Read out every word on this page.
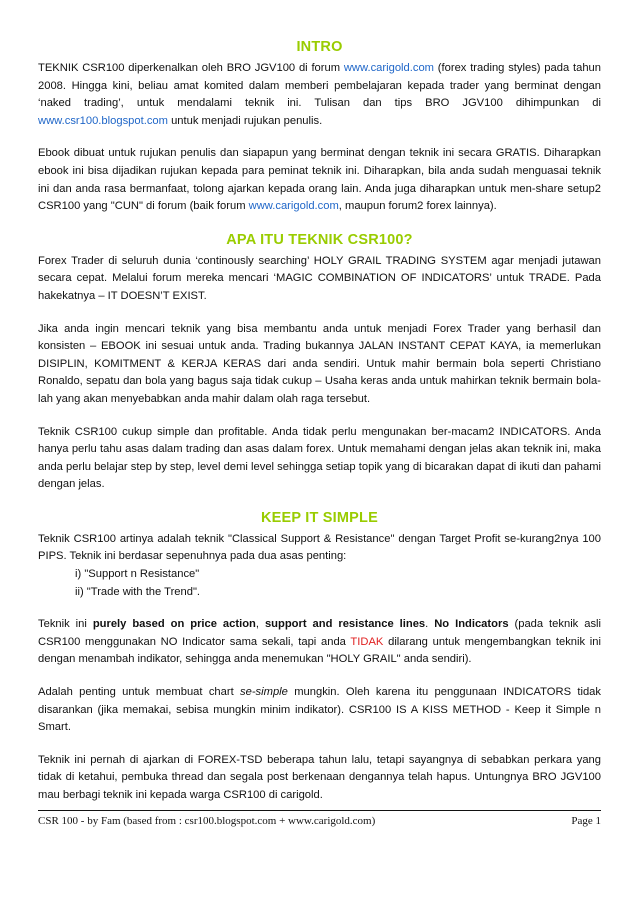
INTRO

TEKNIK CSR100 diperkenalkan oleh BRO JGV100 di forum www.carigold.com (forex trading styles) pada tahun 2008. Hingga kini, beliau amat komited dalam memberi pembelajaran kepada trader yang berminat dengan ‘naked trading’, untuk mendalami teknik ini. Tulisan dan tips BRO JGV100 dihimpunkan di www.csr100.blogspot.com untuk menjadi rujukan penulis.

Ebook dibuat untuk rujukan penulis dan siapapun yang berminat dengan teknik ini secara GRATIS. Diharapkan ebook ini bisa dijadikan rujukan kepada para peminat teknik ini. Diharapkan, bila anda sudah menguasai teknik ini dan anda rasa bermanfaat, tolong ajarkan kepada orang lain. Anda juga diharapkan untuk men-share setup2 CSR100 yang "CUN" di forum (baik forum www.carigold.com, maupun forum2 forex lainnya).

APA ITU TEKNIK CSR100?

Forex Trader di seluruh dunia ‘continously searching’ HOLY GRAIL TRADING SYSTEM agar menjadi jutawan secara cepat. Melalui forum mereka mencari ‘MAGIC COMBINATION OF INDICATORS’ untuk TRADE. Pada hakekatnya – IT DOESN’T EXIST.

Jika anda ingin mencari teknik yang bisa membantu anda untuk menjadi Forex Trader yang berhasil dan konsisten – EBOOK ini sesuai untuk anda. Trading bukannya JALAN INSTANT CEPAT KAYA, ia memerlukan DISIPLIN, KOMITMENT & KERJA KERAS dari anda sendiri. Untuk mahir bermain bola seperti Christiano Ronaldo, sepatu dan bola yang bagus saja tidak cukup – Usaha keras anda untuk mahirkan teknik bermain bola-lah yang akan menyebabkan anda mahir dalam olah raga tersebut.

Teknik CSR100 cukup simple dan profitable. Anda tidak perlu mengunakan ber-macam2 INDICATORS. Anda hanya perlu tahu asas dalam trading dan asas dalam forex. Untuk memahami dengan jelas akan teknik ini, maka anda perlu belajar step by step, level demi level sehingga setiap topik yang di bicarakan dapat di ikuti dan pahami dengan jelas.

KEEP IT SIMPLE

Teknik CSR100 artinya adalah teknik "Classical Support & Resistance" dengan Target Profit se-kurang2nya 100 PIPS. Teknik ini berdasar sepenuhnya pada dua asas penting:

i) "Support n Resistance"
ii) "Trade with the Trend".

Teknik ini purely based on price action, support and resistance lines. No Indicators (pada teknik asli CSR100 menggunakan NO Indicator sama sekali, tapi anda TIDAK dilarang untuk mengembangkan teknik ini dengan menambah indikator, sehingga anda menemukan "HOLY GRAIL" anda sendiri).

Adalah penting untuk membuat chart se-simple mungkin. Oleh karena itu penggunaan INDICATORS tidak disarankan (jika memakai, sebisa mungkin minim indikator). CSR100 IS A KISS METHOD - Keep it Simple n Smart.

Teknik ini pernah di ajarkan di FOREX-TSD beberapa tahun lalu, tetapi sayangnya di sebabkan perkara yang tidak di ketahui, pembuka thread dan segala post berkenaan dengannya telah hapus. Untungnya BRO JGV100 mau berbagi teknik ini kepada warga CSR100 di carigold.

CSR 100 - by Fam (based from : csr100.blogspot.com + www.carigold.com)	Page 1
